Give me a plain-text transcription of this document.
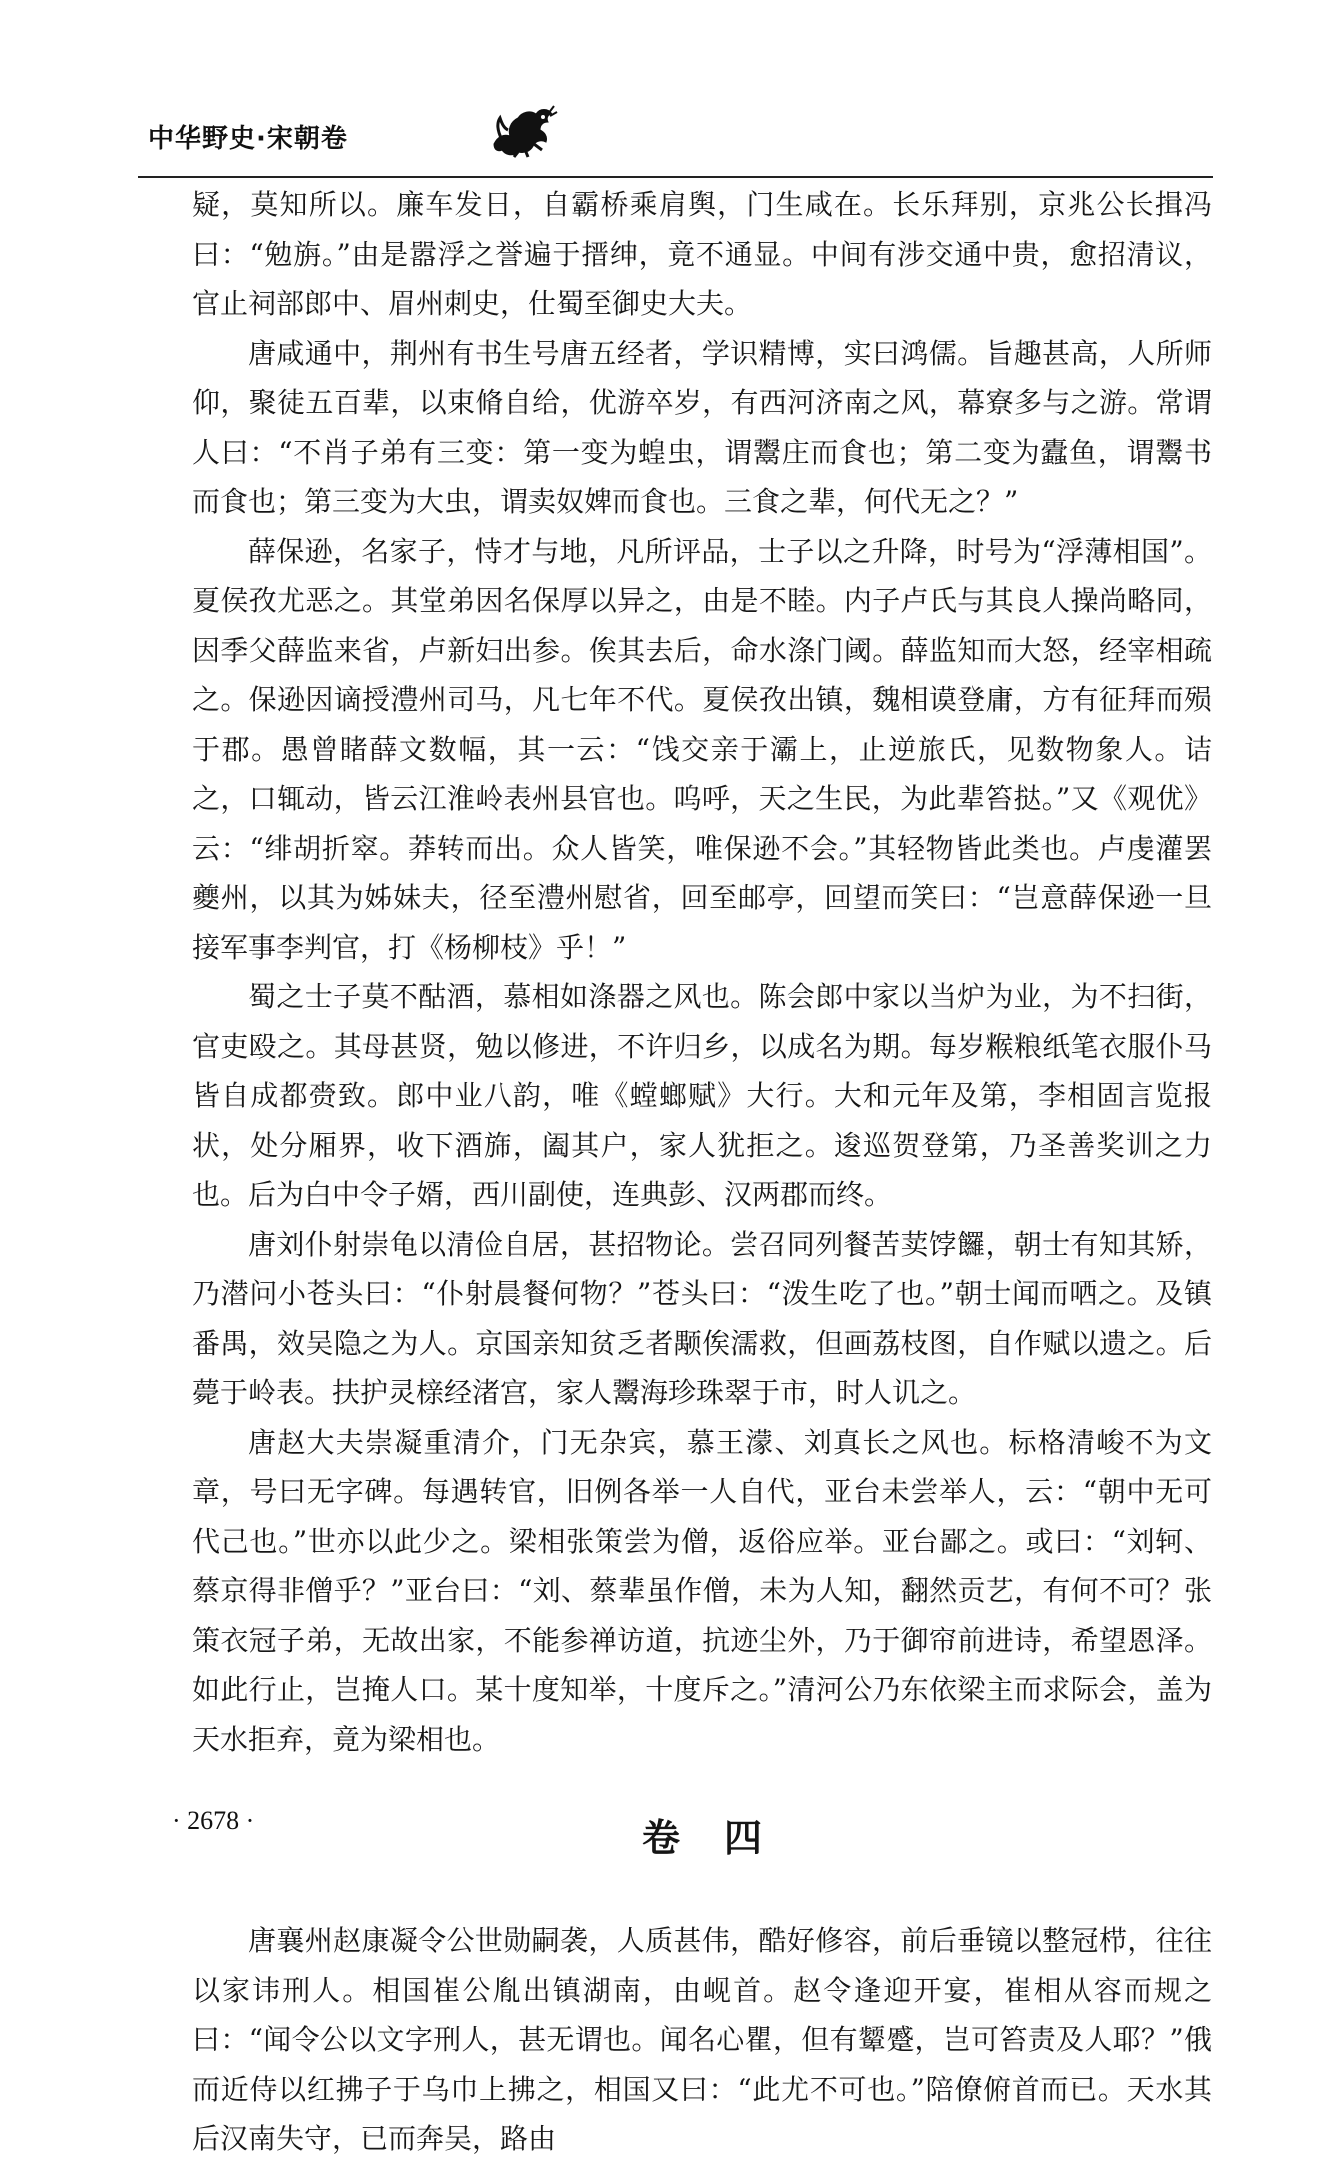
中华野史·宋朝卷

疑，莫知所以。廉车发日，自霸桥乘肩舆，门生咸在。长乐拜别，京兆公长揖冯曰：“勉旃。”由是嚣浮之誉遍于搢绅，竟不通显。中间有涉交通中贵，愈招清议，官止祠部郎中、眉州刺史，仕蜀至御史大夫。

唐咸通中，荆州有书生号唐五经者，学识精博，实曰鸿儒。旨趣甚高，人所师仰，聚徒五百辈，以束脩自给，优游卒岁，有西河济南之风，幕寮多与之游。常谓人曰：“不肖子弟有三变：第一变为蝗虫，谓鬻庄而食也；第二变为蠹鱼，谓鬻书而食也；第三变为大虫，谓卖奴婢而食也。三食之辈，何代无之？”

薛保逊，名家子，恃才与地，凡所评品，士子以之升降，时号为“浮薄相国”。夏侯孜尤恶之。其堂弟因名保厚以异之，由是不睦。内子卢氏与其良人操尚略同，因季父薛监来省，卢新妇出参。俟其去后，命水涤门阈。薛监知而大怒，经宰相疏之。保逊因谪授澧州司马，凡七年不代。夏侯孜出镇，魏相谟登庸，方有征拜而殒于郡。愚曾睹薛文数幅，其一云：“饯交亲于灞上，止逆旅氏，见数物象人。诘之，口辄动，皆云江淮岭表州县官也。呜呼，天之生民，为此辈笞挞。”又《观优》云：“绯胡折窣。莽转而出。众人皆笑，唯保逊不会。”其轻物皆此类也。卢虔灌罢夔州，以其为姊妹夫，径至澧州慰省，回至邮亭，回望而笑曰：“岂意薛保逊一旦接军事李判官，打《杨柳枝》乎！”

蜀之士子莫不酤酒，慕相如涤器之风也。陈会郎中家以当炉为业，为不扫街，官吏殴之。其母甚贤，勉以修进，不许归乡，以成名为期。每岁糇粮纸笔衣服仆马皆自成都赍致。郎中业八韵，唯《螳螂赋》大行。大和元年及第，李相固言览报状，处分厢界，收下酒旆，阖其户，家人犹拒之。逡巡贺登第，乃圣善奖训之力也。后为白中令子婿，西川副使，连典彭、汉两郡而终。

唐刘仆射崇龟以清俭自居，甚招物论。尝召同列餐苦荬饽饠，朝士有知其矫，乃潜问小苍头曰：“仆射晨餐何物？”苍头曰：“泼生吃了也。”朝士闻而哂之。及镇番禺，效吴隐之为人。京国亲知贫乏者颙俟濡救，但画荔枝图，自作赋以遗之。后薨于岭表。扶护灵榇经渚宫，家人鬻海珍珠翠于市，时人讥之。

唐赵大夫崇凝重清介，门无杂宾，慕王濛、刘真长之风也。标格清峻不为文章，号曰无字碑。每遇转官，旧例各举一人自代，亚台未尝举人，云：“朝中无可代己也。”世亦以此少之。梁相张策尝为僧，返俗应举。亚台鄙之。或曰：“刘轲、蔡京得非僧乎？”亚台曰：“刘、蔡辈虽作僧，未为人知，翻然贡艺，有何不可？张策衣冠子弟，无故出家，不能参禅访道，抗迹尘外，乃于御帘前进诗，希望恩泽。如此行止，岂掩人口。某十度知举，十度斥之。”清河公乃东依梁主而求际会，盖为天水拒弃，竟为梁相也。

卷四

唐襄州赵康凝令公世勋嗣袭，人质甚伟，酷好修容，前后垂镜以整冠栉，往往以家讳刑人。相国崔公胤出镇湖南，由岘首。赵令逢迎开宴，崔相从容而规之曰：“闻令公以文字刑人，甚无谓也。闻名心瞿，但有颦蹙，岂可笞责及人耶？”俄而近侍以红拂子于乌巾上拂之，相国又曰：“此尤不可也。”陪僚俯首而已。天水其后汉南失守，已而奔吴，路由

· 2678 ·
